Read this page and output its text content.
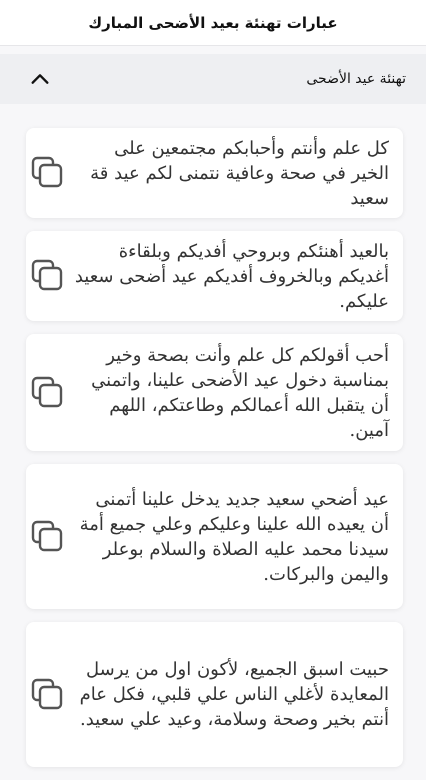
عبارات تهنئة بعيد الأضحى المبارك
تهنئة عيد الأضحى
كل علم وأنتم وأحبابكم مجتمعين على الخير في صحة وعافية نتمنى لكم عيد قة سعيد
بالعيد أهنئكم وبروحي أفديكم وبلقاءة أغديكم وبالخروف أفديكم عيد أضحى سعيد عليكم.
أحب أقولكم كل علم وأنت بصحة وخير بمناسبة دخول عيد الأضحى علينا، واتمني أن يتقبل الله أعمالكم وطاعتكم، اللهم آمين.
عيد أضحي سعيد جديد يدخل علينا أتمنى أن يعيده الله علينا وعليكم وعلي جميع أمة سيدنا محمد عليه الصلاة والسلام بوعلر واليمن والبركات.
حبيت اسبق الجميع، لأكون اول من يرسل المعايدة لأغلي الناس علي قلبي، فكل عام أنتم بخير وصحة وسلامة، وعيد علي سعيد.
